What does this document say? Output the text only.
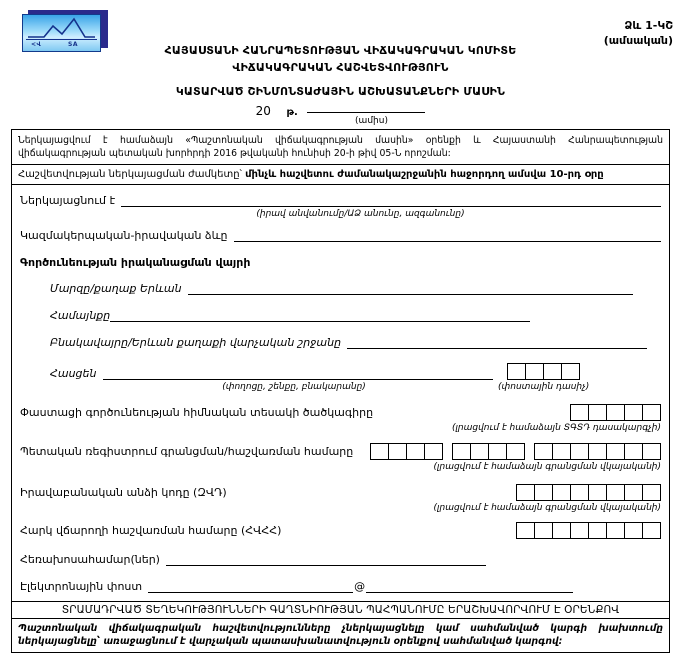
<Վ	SA
Ձև 1-ԿՇ
(ամսական)
ՀԱՅԱՍՏԱՆԻ ՀԱՆՐԱՊԵՏՈՒԹՅԱՆ ՎԻՃԱԿԱԳՐԱԿԱՆ ԿՈՄԻՏԵ
ՎԻՃԱԿԱԳՐԱԿԱՆ ՀԱՇՎԵՏՎՈՒԹՅՈՒՆ
ԿԱՏԱՐՎԱԾ ՇԻՆՄՈՆՏԱԺԱՅԻՆ ԱՇԽԱՏԱՆՔՆԵՐԻ ՄԱՍԻՆ
20 թ.
(ամիս)
Ներկայացվում է համաձայն «Պաշտոնական վիճակագրության մասին» օրենքի և Հայաստանի Հանրապետության վիճակագրության պետական խորհրդի 2016 թվականի հունիսի 20-ի թիվ 05-Ն որոշման:
Հաշվետվության ներկայացման ժամկետը՝ մինչև հաշվետու ժամանակաշրջանին հաջորդող ամսվա 10-րդ օրը
Ներկայացնում է
(իրավ անվանումը/ԱՁ անունը, ազգանունը)
Կազմակերպական-իրավական ձևը
Գործունեության իրականացման վայրի
Մարզը/քաղաք Երևան
Համայնքը
Բնակավայրը/Երևան քաղաքի վարչական շրջանը
Հասցեն
(փողոցը, շենքը, բնակարանը)	(փոստային դասիչ)
Փաստացի գործունեության հիմնական տեսակի ծածկագիրը
(լրացվում է համաձայն ՏԳՏԴ դասակարգչի)
Պետական ռեգիստրում գրանցման/հաշվառման համարը
(լրացվում է համաձայն գրանցման վկայականի)
Իրավաբանական անձի կոդը (ԶՎԴ)
(լրացվում է համաձայն գրանցման վկայականի)
Հարկ վճարողի հաշվառման համարը (ՀՎՀՀ)
Հեռախոսահամար(ներ)
Էլեկտրոնային փոստ	@
ՏՐԱՄԱԴՐՎԱԾ ՏԵՂԵԿՈՒԹՅՈՒՆՆԵՐԻ ԳԱՂՏՆԻՈՒԹՅԱՆ ՊԱՀՊԱՆՈՒՄԸ ԵՐԱՇԽԱՎՈՐՎՈՒՄ Է ՕՐԵՆՔՈՎ
Պաշտոնական վիճակագրական հաշվետվությունները չներկայացնելը կամ սահմանված կարգի խախտումը ներկայացնելը՝ առաջացնում է վարչական պատասխանատվություն օրենքով սահմանված կարգով:
